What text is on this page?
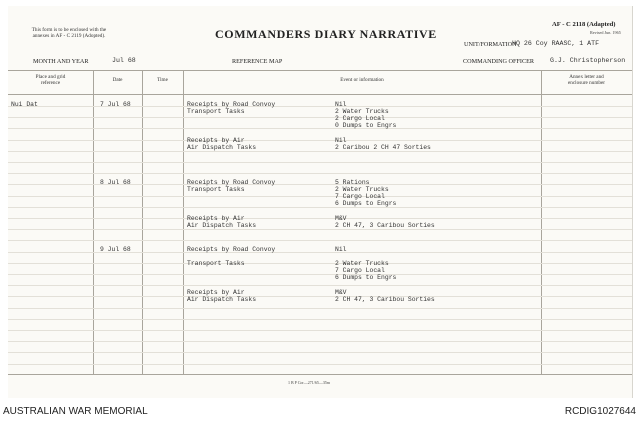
This form is to be enclosed with the
annexes in AF - C 2119 (Adopted).	COMMANDERS DIARY NARRATIVE
AF - C 2118 (Adapted)
Revised Jun. 1965
UNIT/FORMATION
HQ 26 Coy RAASC, 1 ATF
MONTH AND YEAR	Jul 68	REFERENCE MAP	COMMANDING OFFICER G.J. Christopherson
Place and grid
reference	Date	Time	Event or information	Annex letter and
enclosure number
Nui Dat	7 Jul 68	Receipts by Road Convoy	Nil
Transport Tasks	2 Water Trucks
2 Cargo Local
0 Dumps to Engrs
Receipts by Air	Nil
Air Dispatch Tasks	2 Caribou 2 CH 47 Sorties
8 Jul 68	Receipts by Road Convoy	5 Rations
Transport Tasks	2 Water Trucks
7 Cargo Local
6 Dumps to Engrs
Receipts by Air	M&V
Air Dispatch Tasks	2 CH 47, 3 Caribou Sorties
9 Jul 68	Receipts by Road Convoy	Nil
Transport Tasks	2 Water Trucks
7 Cargo Local
6 Dumps to Engrs
Receipts by Air	M&V
Air Dispatch Tasks	2 CH 47, 3 Caribou Sorties
1 B P Cor—271/65—35m
AUSTRALIAN WAR MEMORIAL	RCDIG1027644
